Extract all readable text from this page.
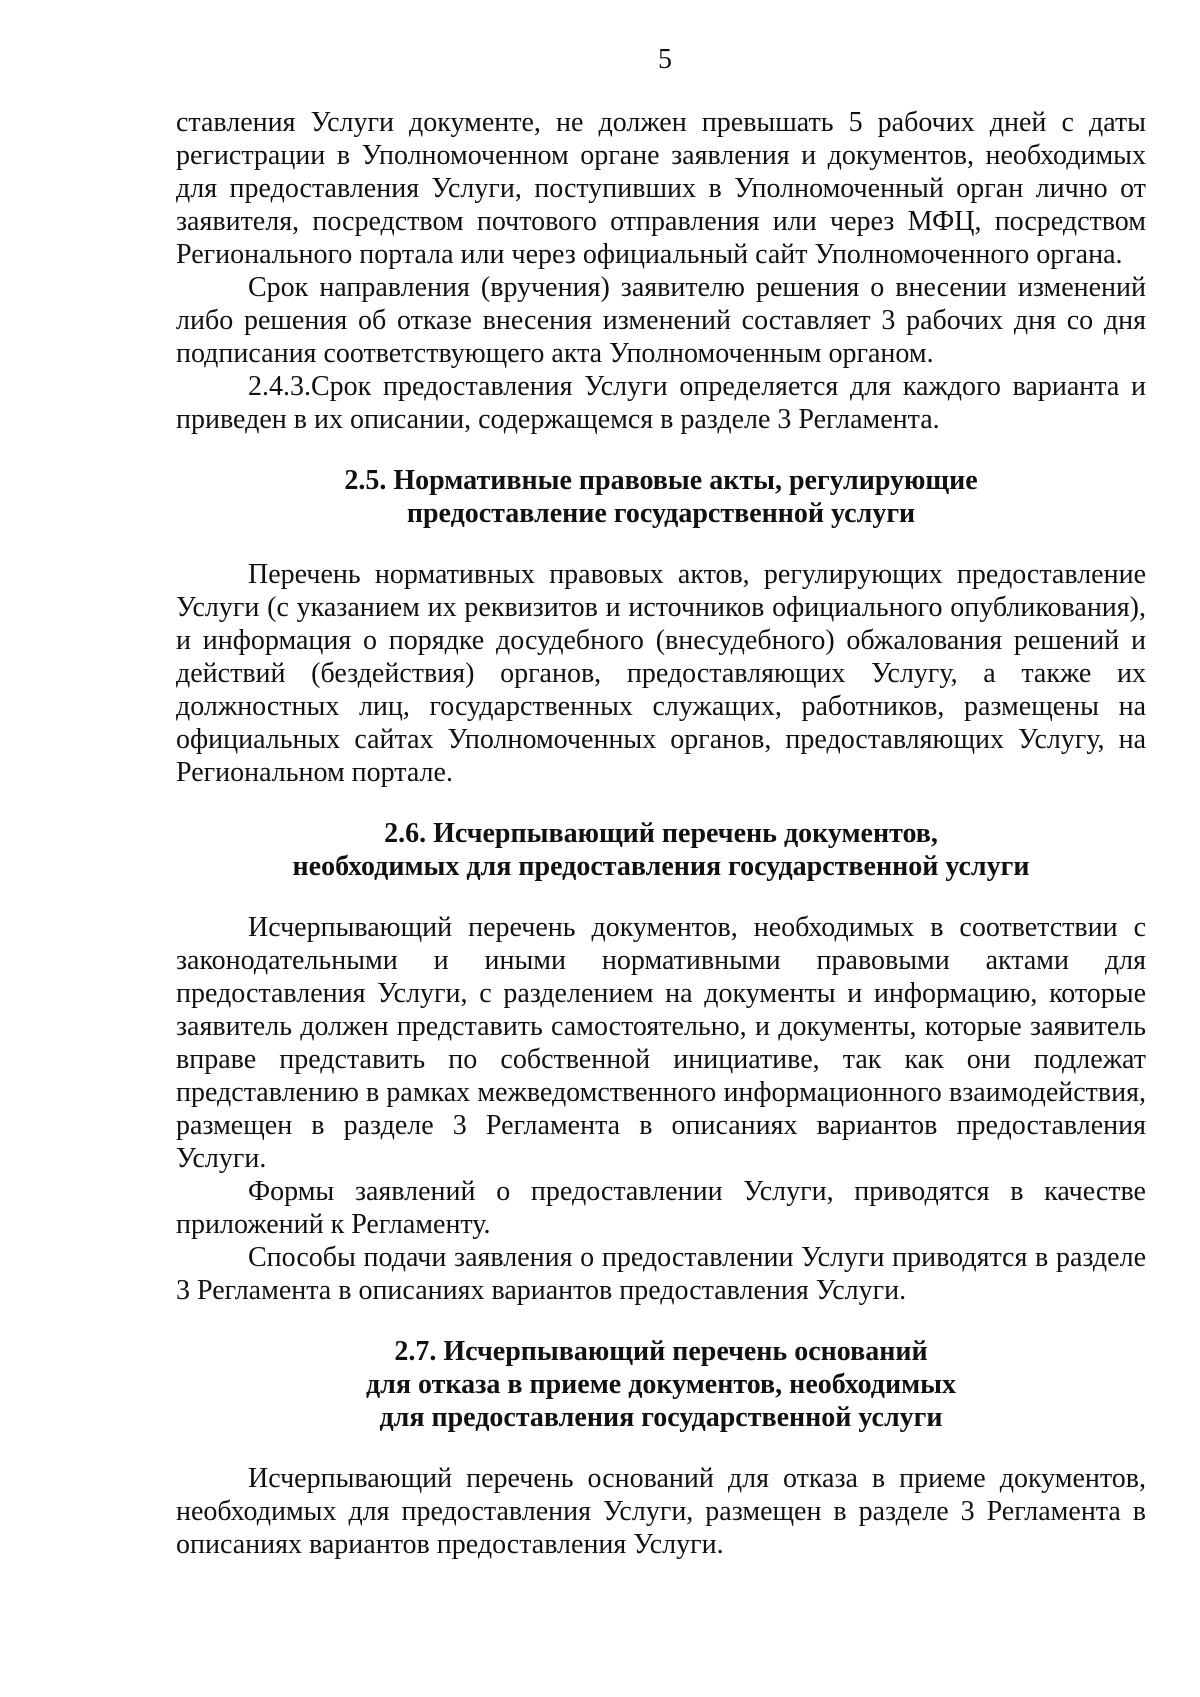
5

ставления Услуги документе, не должен превышать 5 рабочих дней с даты регистрации в Уполномоченном органе заявления и документов, необходимых для предоставления Услуги, поступивших в Уполномоченный орган лично от заявителя, посредством почтового отправления или через МФЦ, посредством Регионального портала или через официальный сайт Уполномоченного органа.

Срок направления (вручения) заявителю решения о внесении изменений либо решения об отказе внесения изменений составляет 3 рабочих дня со дня подписания соответствующего акта Уполномоченным органом.

2.4.3.Срок предоставления Услуги определяется для каждого варианта и приведен в их описании, содержащемся в разделе 3 Регламента.

2.5. Нормативные правовые акты, регулирующие
предоставление государственной услуги

Перечень нормативных правовых актов, регулирующих предоставление Услуги (с указанием их реквизитов и источников официального опубликования), и информация о порядке досудебного (внесудебного) обжалования решений и действий (бездействия) органов, предоставляющих Услугу, а также их должностных лиц, государственных служащих, работников, размещены на официальных сайтах Уполномоченных органов, предоставляющих Услугу, на Региональном портале.

2.6. Исчерпывающий перечень документов,
необходимых для предоставления государственной услуги

Исчерпывающий перечень документов, необходимых в соответствии с законодательными и иными нормативными правовыми актами для предоставления Услуги, с разделением на документы и информацию, которые заявитель должен представить самостоятельно, и документы, которые заявитель вправе представить по собственной инициативе, так как они подлежат представлению в рамках межведомственного информационного взаимодействия, размещен в разделе 3 Регламента в описаниях вариантов предоставления Услуги.

Формы заявлений о предоставлении Услуги, приводятся в качестве приложений к Регламенту.

Способы подачи заявления о предоставлении Услуги приводятся в разделе 3 Регламента в описаниях вариантов предоставления Услуги.

2.7. Исчерпывающий перечень оснований
для отказа в приеме документов, необходимых
для предоставления государственной услуги

Исчерпывающий перечень оснований для отказа в приеме документов, необходимых для предоставления Услуги, размещен в разделе 3 Регламента в описаниях вариантов предоставления Услуги.
